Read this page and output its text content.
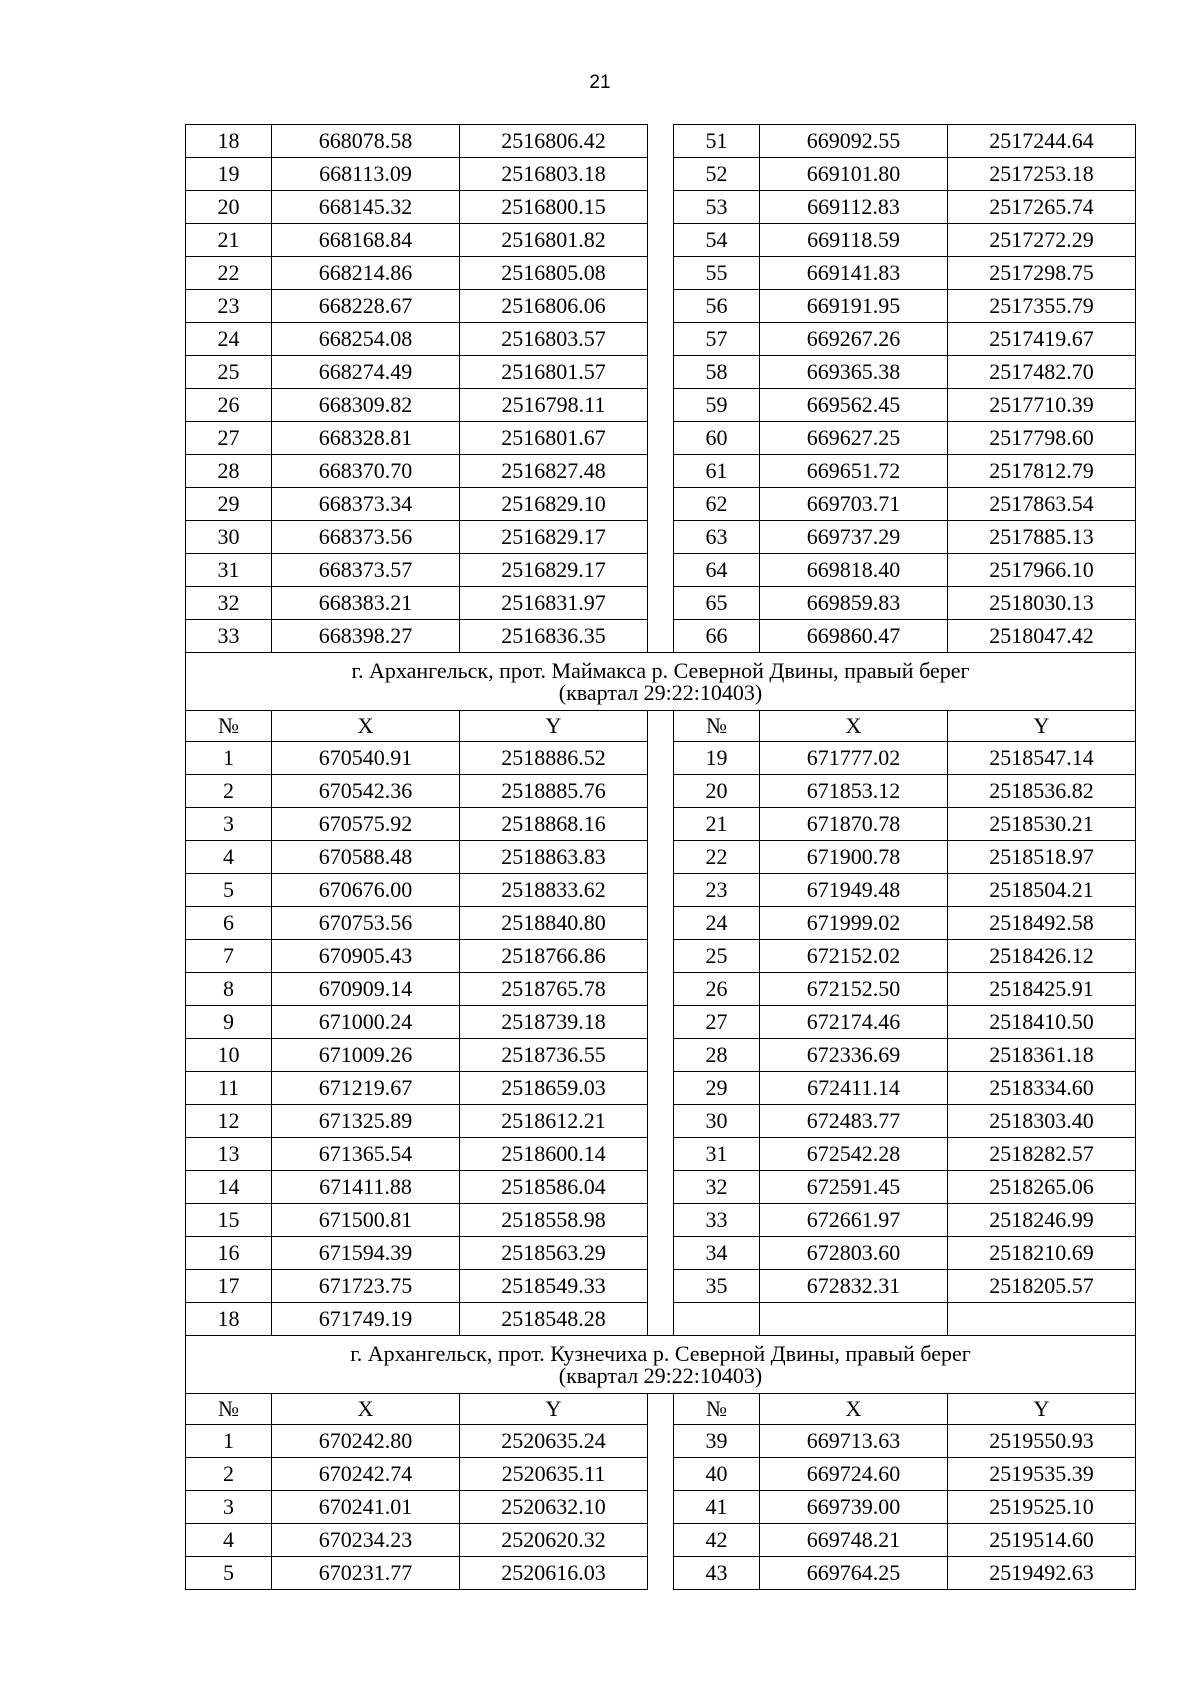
21
18	668078.58	2516806.42		51	669092.55	2517244.64
19	668113.09	2516803.18		52	669101.80	2517253.18
20	668145.32	2516800.15		53	669112.83	2517265.74
21	668168.84	2516801.82		54	669118.59	2517272.29
22	668214.86	2516805.08		55	669141.83	2517298.75
23	668228.67	2516806.06		56	669191.95	2517355.79
24	668254.08	2516803.57		57	669267.26	2517419.67
25	668274.49	2516801.57		58	669365.38	2517482.70
26	668309.82	2516798.11		59	669562.45	2517710.39
27	668328.81	2516801.67		60	669627.25	2517798.60
28	668370.70	2516827.48		61	669651.72	2517812.79
29	668373.34	2516829.10		62	669703.71	2517863.54
30	668373.56	2516829.17		63	669737.29	2517885.13
31	668373.57	2516829.17		64	669818.40	2517966.10
32	668383.21	2516831.97		65	669859.83	2518030.13
33	668398.27	2516836.35		66	669860.47	2518047.42

г. Архангельск, прот. Маймакса р. Северной Двины, правый берег
(квартал 29:22:10403)						

№	X	Y		№	X	Y
1	670540.91	2518886.52		19	671777.02	2518547.14
2	670542.36	2518885.76		20	671853.12	2518536.82
3	670575.92	2518868.16		21	671870.78	2518530.21
4	670588.48	2518863.83		22	671900.78	2518518.97
5	670676.00	2518833.62		23	671949.48	2518504.21
6	670753.56	2518840.80		24	671999.02	2518492.58
7	670905.43	2518766.86		25	672152.02	2518426.12
8	670909.14	2518765.78		26	672152.50	2518425.91
9	671000.24	2518739.18		27	672174.46	2518410.50
10	671009.26	2518736.55		28	672336.69	2518361.18
11	671219.67	2518659.03		29	672411.14	2518334.60
12	671325.89	2518612.21		30	672483.77	2518303.40
13	671365.54	2518600.14		31	672542.28	2518282.57
14	671411.88	2518586.04		32	672591.45	2518265.06
15	671500.81	2518558.98		33	672661.97	2518246.99
16	671594.39	2518563.29		34	672803.60	2518210.69
17	671723.75	2518549.33		35	672832.31	2518205.57
18	671749.19	2518548.28				

г. Архангельск, прот. Кузнечиха р. Северной Двины, правый берег
(квартал 29:22:10403)						

№	X	Y		№	X	Y
1	670242.80	2520635.24		39	669713.63	2519550.93
2	670242.74	2520635.11		40	669724.60	2519535.39
3	670241.01	2520632.10		41	669739.00	2519525.10
4	670234.23	2520620.32		42	669748.21	2519514.60
5	670231.77	2520616.03		43	669764.25	2519492.63
